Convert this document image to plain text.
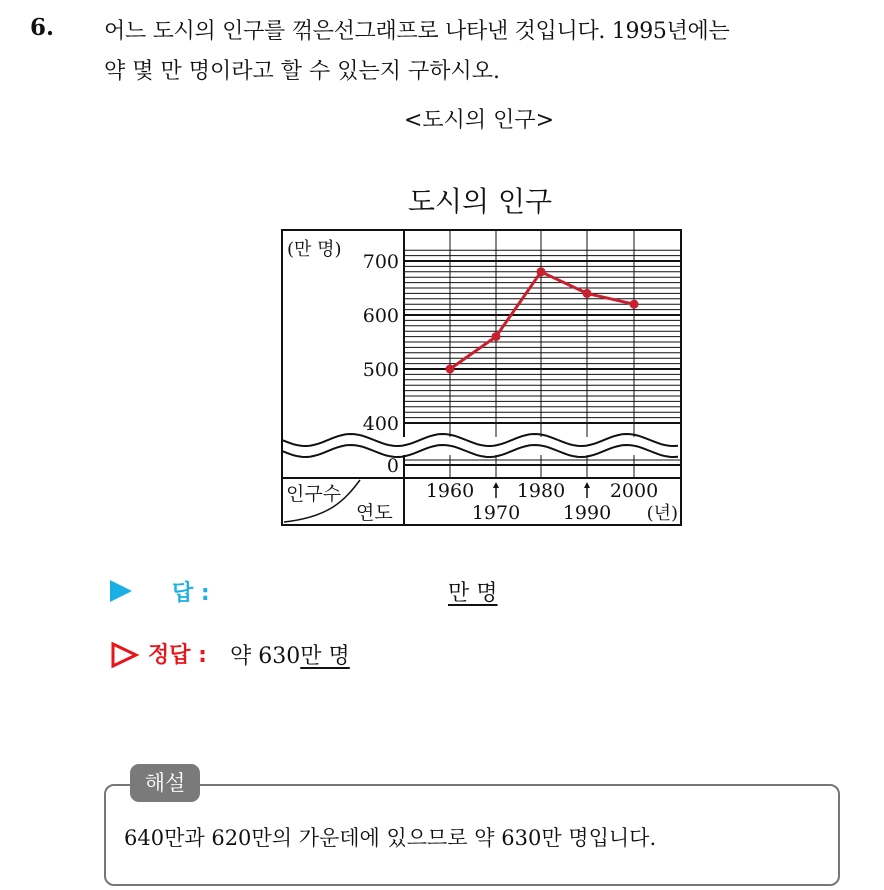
6. 어느 도시의 인구를 꺾은선그래프로 나타낸 것입니다. 1995년에는
약 몇 만 명이라고 할 수 있는지 구하시오.
<도시의 인구>
도시의 인구
(만 명)
700
600
500
400
0
인구수
연도
1960 1980 2000
1970 1990 (년)
답 :	만 명
정답 : 약 630만 명
해설
640만과 620만의 가운데에 있으므로 약 630만 명입니다.
